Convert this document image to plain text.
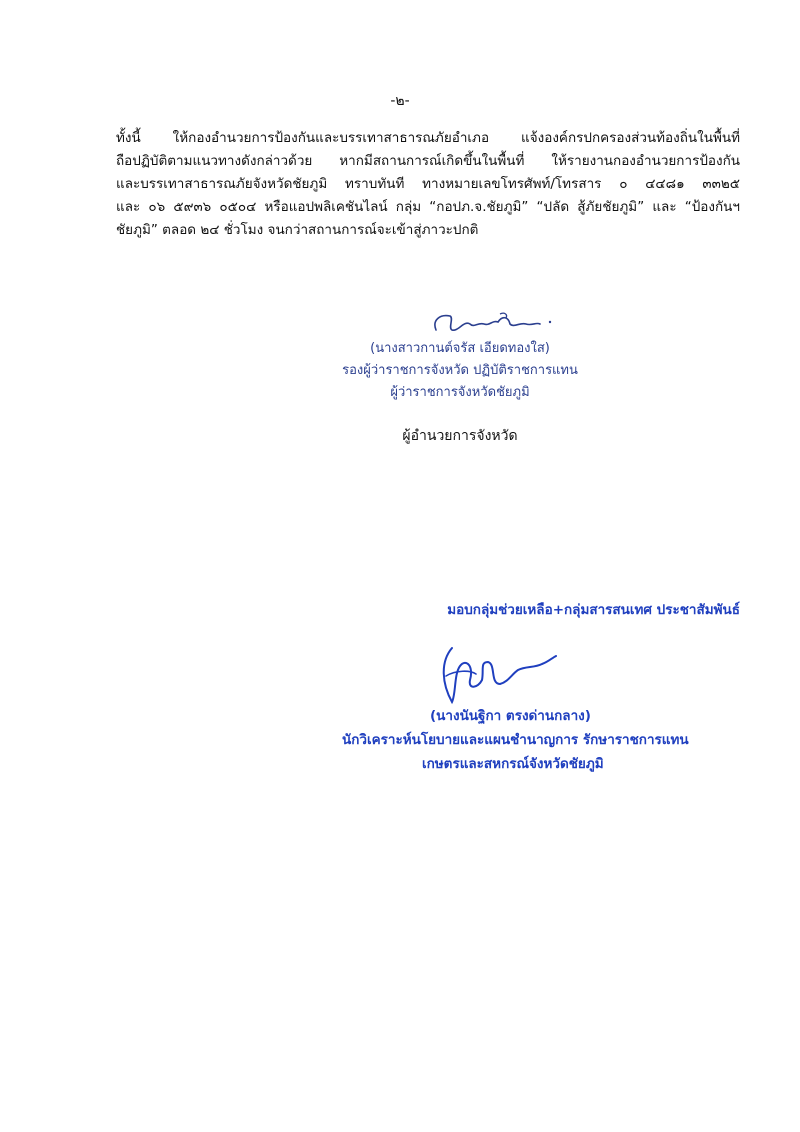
-๒-
ทั้งนี้ ให้กองอำนวยการป้องกันและบรรเทาสาธารณภัยอำเภอ แจ้งองค์กรปกครองส่วนท้องถิ่นในพื้นที่
ถือปฏิบัติตามแนวทางดังกล่าวด้วย หากมีสถานการณ์เกิดขึ้นในพื้นที่ ให้รายงานกองอำนวยการป้องกัน
และบรรเทาสาธารณภัยจังหวัดชัยภูมิ ทราบทันที ทางหมายเลขโทรศัพท์/โทรสาร ๐ ๔๔๘๑ ๓๓๒๕
และ ๐๖ ๕๙๓๖ ๐๕๐๔ หรือแอปพลิเคชันไลน์ กลุ่ม “กอปภ.จ.ชัยภูมิ” “ปลัด สู้ภัยชัยภูมิ” และ “ป้องกันฯ
ชัยภูมิ” ตลอด ๒๔ ชั่วโมง จนกว่าสถานการณ์จะเข้าสู่ภาวะปกติ
(นางสาวกานต์จรัส เอียดทองใส)
รองผู้ว่าราชการจังหวัด ปฏิบัติราชการแทน
ผู้ว่าราชการจังหวัดชัยภูมิ
ผู้อำนวยการจังหวัด
มอบกลุ่มช่วยเหลือ+กลุ่มสารสนเทศ ประชาสัมพันธ์
(นางนันฐิกา ตรงด่านกลาง)
นักวิเคราะห์นโยบายและแผนชำนาญการ รักษาราชการแทน
เกษตรและสหกรณ์จังหวัดชัยภูมิ
